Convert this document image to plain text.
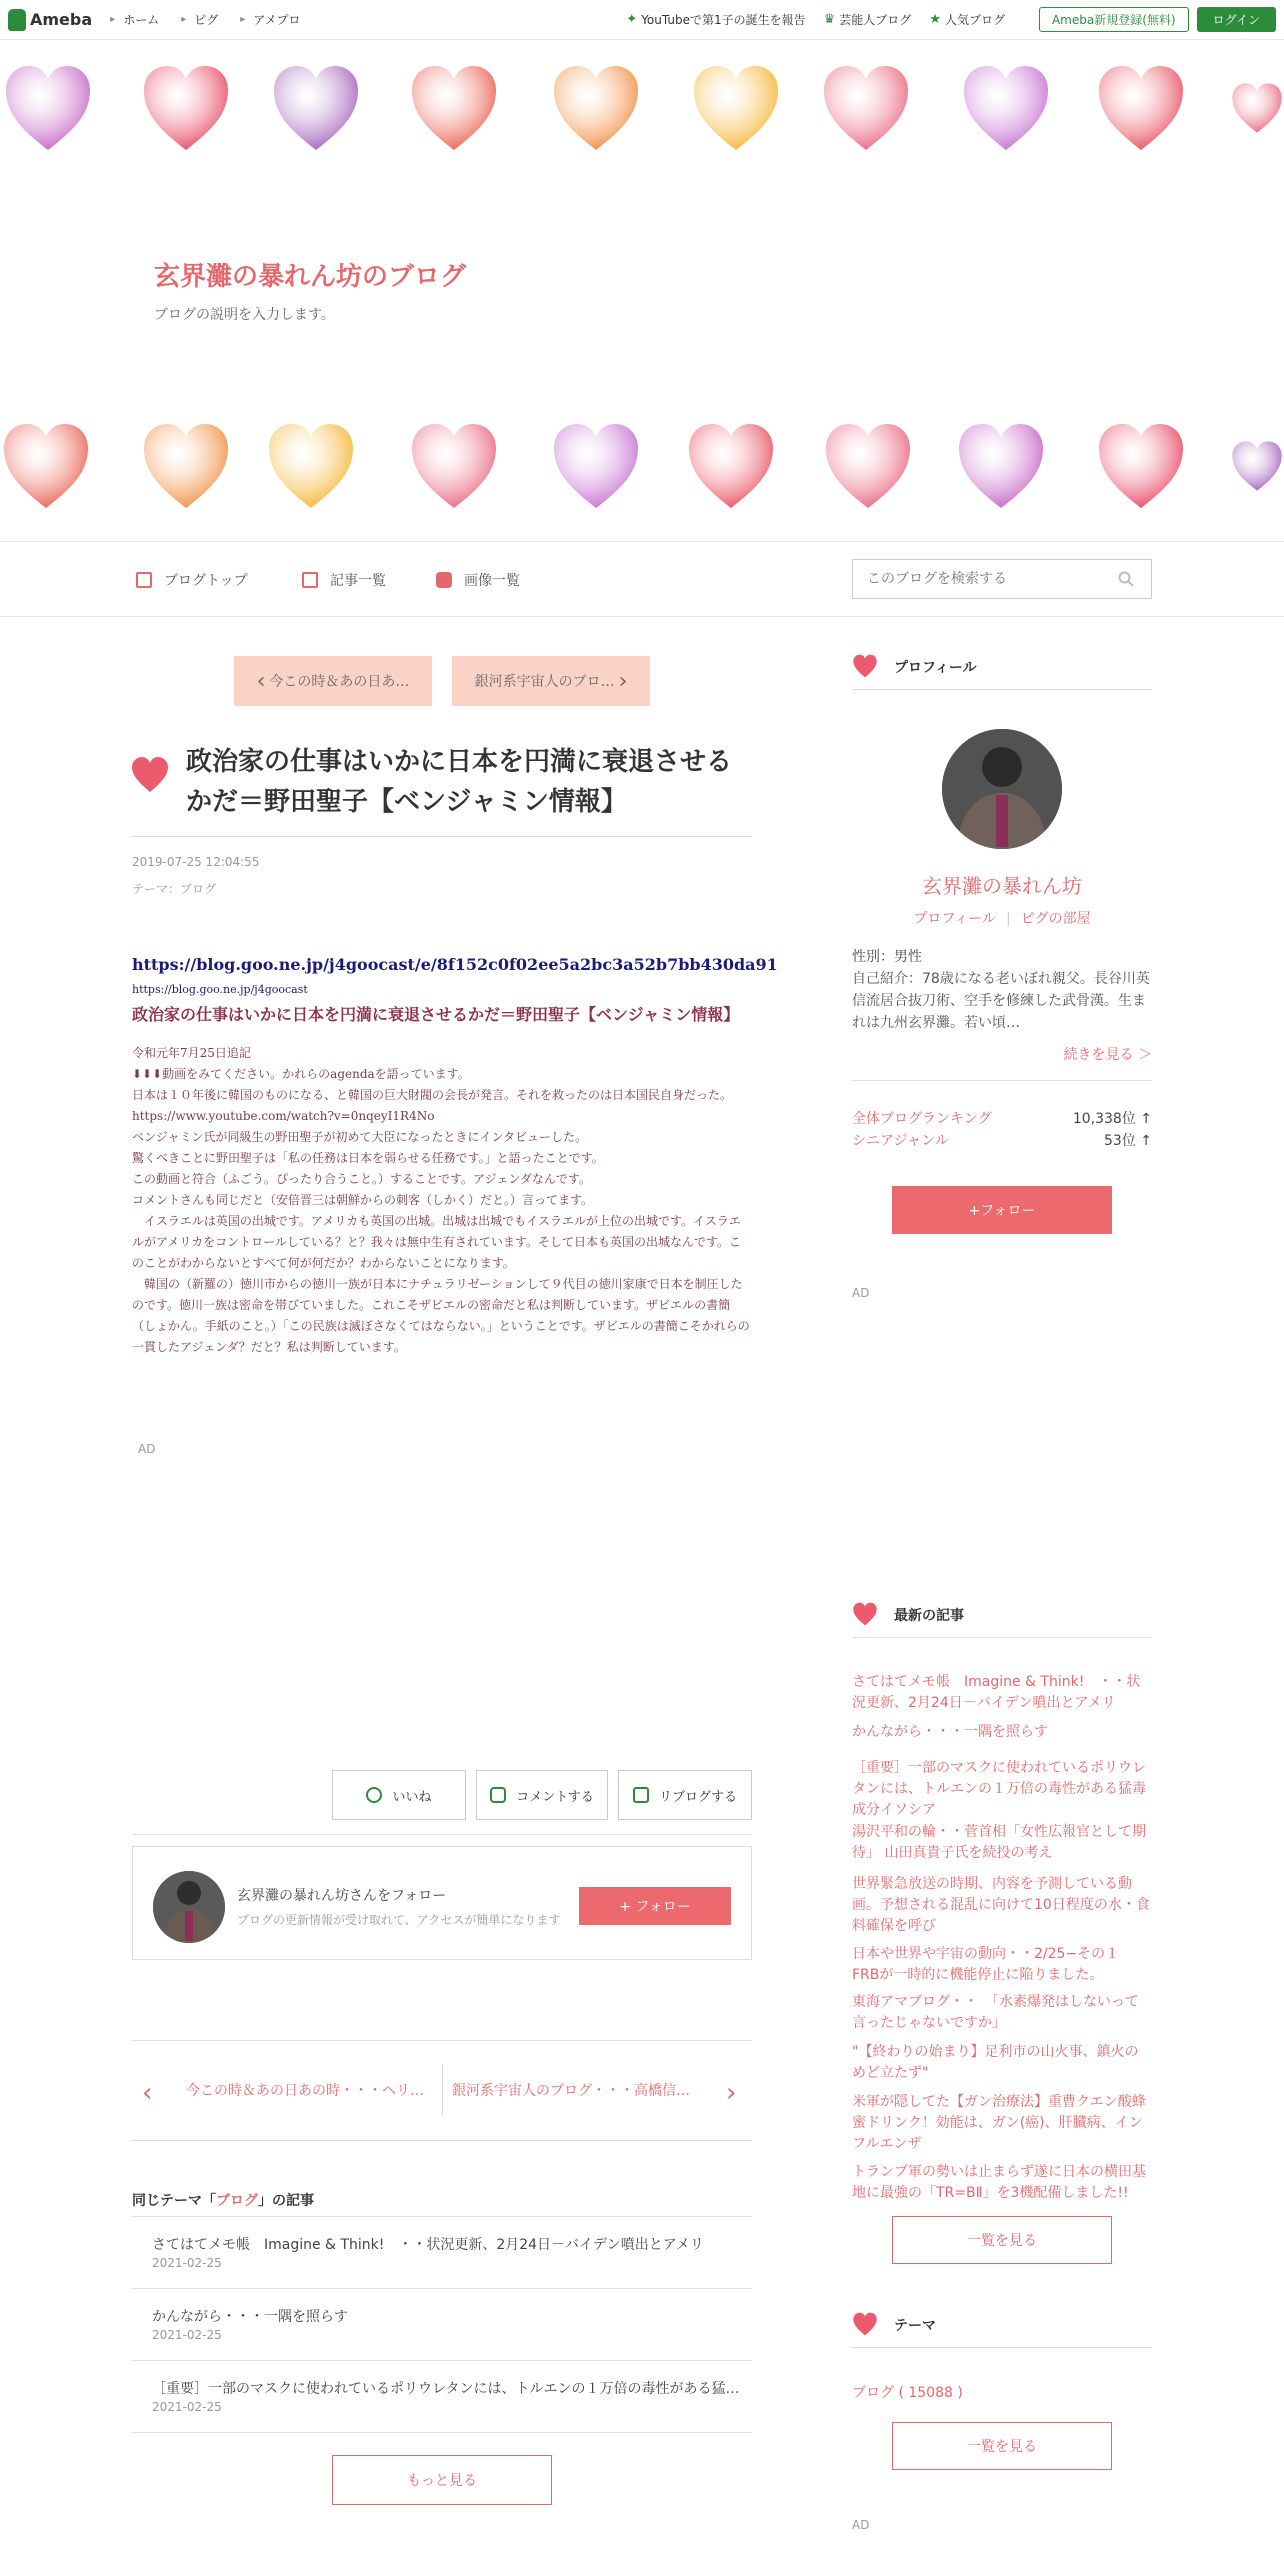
Ameba	▸ ホーム	▸ ピグ	▸ アメプロ	✦ YouTubeで第1子の誕生を報告 ♛ 芸能人ブログ ★ 人気ブログ	Ameba新規登録(無料)	ログイン
玄界灘の暴れん坊のブログ
ブログの説明を入力します。
ブログトップ	記事一覧	画像一覧
このブログを検索する
‹ 今この時＆あの日あ…	銀河系宇宙人のブロ… ›
政治家の仕事はいかに日本を円満に衰退させるかだ＝野田聖子【ベンジャミン情報】
2019-07-25 12:04:55
テーマ：ブログ
https://blog.goo.ne.jp/j4goocast/e/8f152c0f02ee5a2bc3a52b7bb430da91
https://blog.goo.ne.jp/j4goocast
政治家の仕事はいかに日本を円満に衰退させるかだ＝野田聖子【ベンジャミン情報】

令和元年7月25日追記

⬇⬇⬇動画をみてください。かれらのagendaを語っています。

日本は１０年後に韓国のものになる、と韓国の巨大財閥の会長が発言。それを救ったのは日本国民自身だった。

https://www.youtube.com/watch?v=0nqeyI1R4No

ベンジャミン氏が同級生の野田聖子が初めて大臣になったときにインタビューした。

驚くべきことに野田聖子は「私の任務は日本を弱らせる任務です。」と語ったことです。

この動画と符合（ふごう。ぴったり合うこと。）することです。アジェンダなんです。

コメントさんも同じだと（安倍晋三は朝鮮からの刺客（しかく）だと。）言ってます。

　イスラエルは英国の出城です。アメリカも英国の出城。出城は出城でもイスラエルが上位の出城です。イスラエルがアメリカをコントロールしている？と？我々は無中生有されています。そして日本も英国の出城なんです。このことがわからないとすべて何が何だか？わからないことになります。

　韓国の（新羅の）徳川市からの徳川一族が日本にナチュラリゼーションして９代目の徳川家康で日本を制圧したのです。徳川一族は密命を帯びていました。これこそザビエルの密命だと私は判断しています。ザビエルの書簡（しょかん。手紙のこと。）「この民族は滅ぼさなくてはならない。」ということです。ザビエルの書簡こそかれらの一貫したアジェンダ？だと？私は判断しています。

AD
いいね	コメントする	リブログする
玄界灘の暴れん坊さんをフォロー
ブログの更新情報が受け取れて、アクセスが簡単になります
+ フォロー
‹ 今この時＆あの日あの時・・・ヘリ…	銀河系宇宙人のブログ・・・高橋信…	›
同じテーマ「ブログ」の記事
さてはてメモ帳　Imagine & Think!　・・状況更新、2月24日－バイデン噴出とアメリ
2021-02-25
かんながら・・・一隅を照らす
2021-02-25
［重要］一部のマスクに使われているポリウレタンには、トルエンの１万倍の毒性がある猛…
2021-02-25
もっと見る
プロフィール
玄界灘の暴れん坊
プロフィール | ピグの部屋
性別：男性
自己紹介：78歳になる老いぼれ親父。長谷川英信流居合抜刀術、空手を修練した武骨漢。生まれは九州玄界灘。若い頃…
続きを見る ＞
全体ブログランキング	10,338位 ↑
シニアジャンル	53位 ↑
+フォロー
AD
最新の記事
さてはてメモ帳　Imagine & Think!　・・状況更新、2月24日－バイデン噴出とアメリ
かんながら・・・一隅を照らす
［重要］一部のマスクに使われているポリウレタンには、トルエンの１万倍の毒性がある猛毒成分イソシア
湯沢平和の輪・・菅首相「女性広報官として期待」 山田真貴子氏を続投の考え
世界緊急放送の時期、内容を予測している動画。予想される混乱に向けて10日程度の水・食料確保を呼び
日本や世界や宇宙の動向・・2/25−その１　FRBが一時的に機能停止に陥りました。
東海アマブログ・・　「水素爆発はしないって言ったじゃないですか」
"【終わりの始まり】足利市の山火事、鎮火のめど立たず"
米軍が隠してた【ガン治療法】重曹クエン酸蜂蜜ドリンク！効能は、ガン(癌)、肝臓病、インフルエンザ
トランプ軍の勢いは止まらず遂に日本の横田基地に最強の「TR=BⅡ」を3機配備しました!!
一覧を見る
テーマ
ブログ ( 15088 )
一覧を見る
AD
